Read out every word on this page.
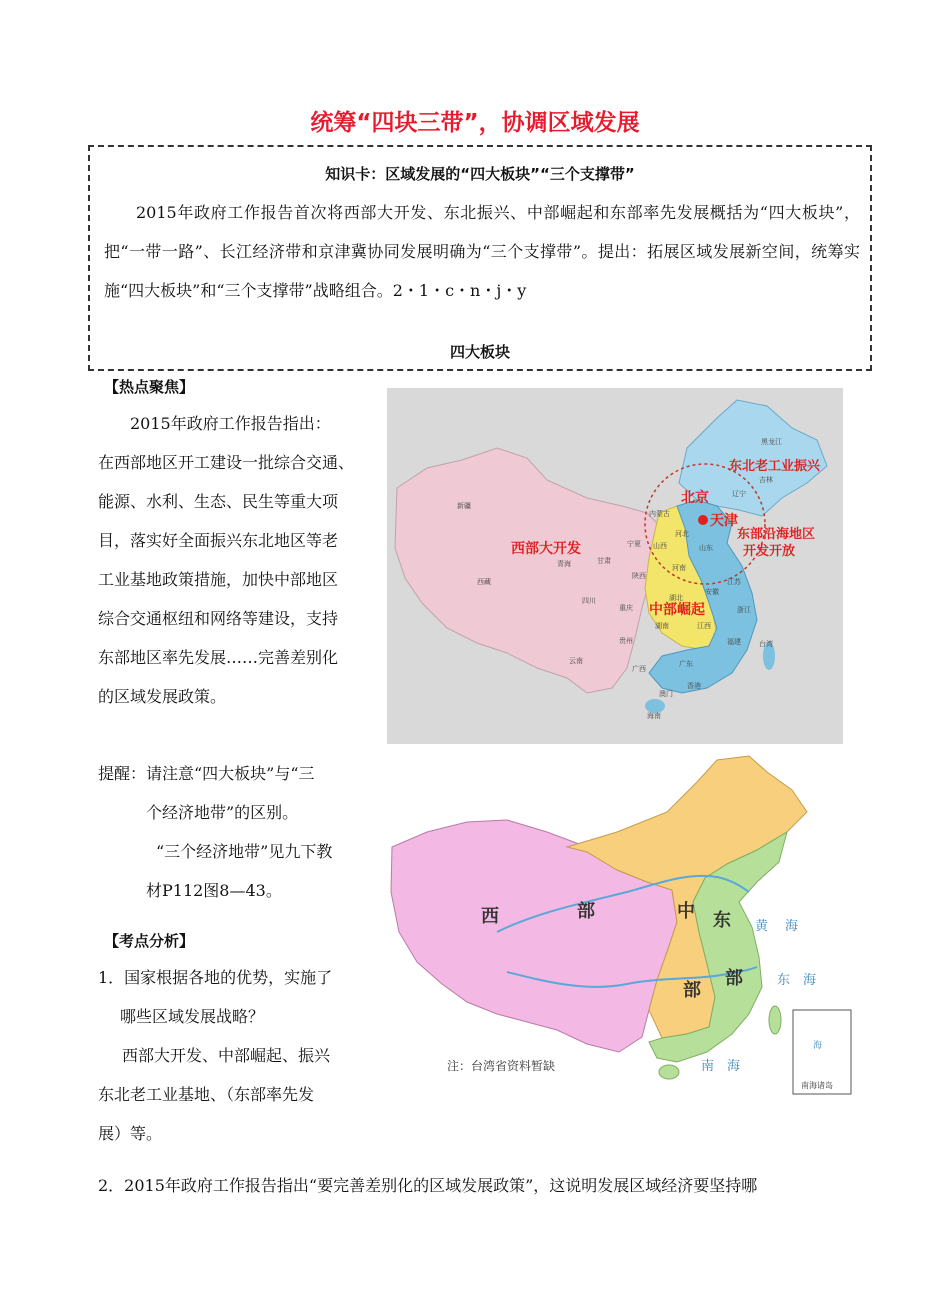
统筹“四块三带”，协调区域发展
知识卡：区域发展的“四大板块”“三个支撑带”
2015年政府工作报告首次将西部大开发、东北振兴、中部崛起和东部率先发展概括为“四大板块”，把“一带一路”、长江经济带和京津冀协同发展明确为“三个支撑带”。提出：拓展区域发展新空间，统筹实施“四大板块”和“三个支撑带”战略组合。2・1・c・n・j・y
四大板块
【热点聚焦】
2015年政府工作报告指出：
在西部地区开工建设一批综合交通、
能源、水利、生态、民生等重大项
目，落实好全面振兴东北地区等老
工业基地政策措施，加快中部地区
综合交通枢纽和网络等建设，支持
东部地区率先发展……完善差别化
的区域发展政策。
提醒：请注意“四大板块”与“三
个经济地带”的区别。
“三个经济地带”见九下教
材P112图8—43。
【考点分析】
1．国家根据各地的优势，实施了
哪些区域发展战略？
西部大开发、中部崛起、振兴
东北老工业基地、（东部率先发
展）等。
2．2015年政府工作报告指出“要完善差别化的区域发展政策”，这说明发展区域经济要坚持哪
北京
天津
西部大开发
东北老工业振兴
东部沿海地区
开发开放
中部崛起
黑龙江
吉林
辽宁
内蒙古
新疆
西藏
青海	甘肃
宁夏
陕西
山西
河北
山东
河南
江苏
安徽
湖北
四川
重庆	浙江
湖南	江西
福建
贵州
云南
广西
广东
台湾
香港
澳门
海南
西	部	中 东
部
部
黄 海
东 海
南 海
注：台湾省资料暂缺
海
南海诸岛
